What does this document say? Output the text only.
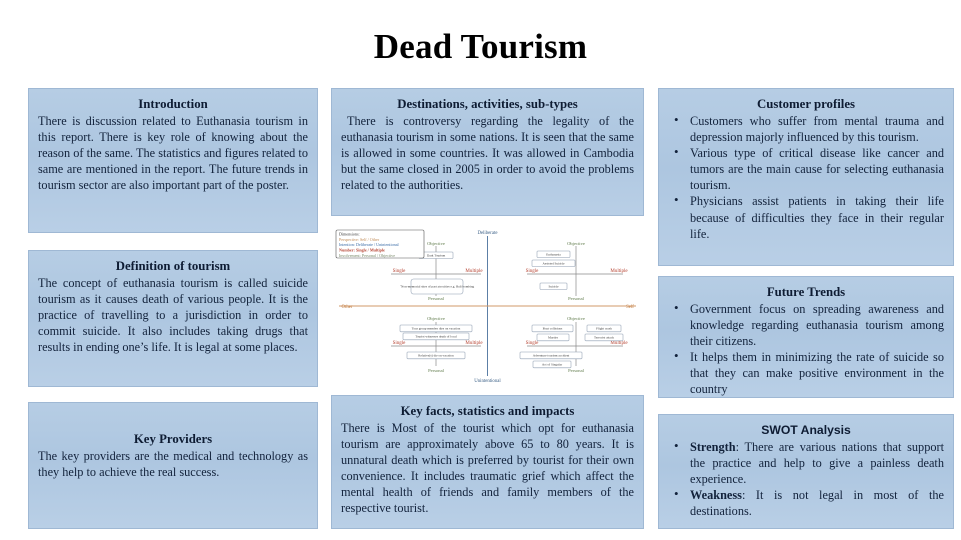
Dead Tourism
Introduction
There is discussion related to Euthanasia tourism in this report. There is key role of knowing about the reason of the same. The statistics and figures related to same are mentioned in the report. The future trends in tourism sector are also important part of the poster.
Definition of tourism
The concept of euthanasia tourism is called suicide tourism as it causes death of various people. It is the practice of travelling to a jurisdiction in order to commit suicide. It also includes taking drugs that results in ending one’s life. It is legal at some places.
Key Providers
The key providers are the medical and technology as they help to achieve the real success.
Destinations, activities, sub-types
There is controversy regarding the legality of the euthanasia tourism in some nations. It is seen that the same is allowed in some countries. It was allowed in Cambodia but the same closed in 2005 in order to avoid the problems related to the authorities.
Deliberate
Unintentional
Other	Self
Objective
Personal
Single	Multiple
Dark Tourism
‘Non-memorial sites of past atrocities e.g. Bali bombing
Objective
Personal
Single	Multiple
Euthanasia
Assisted Suicide
Suicide
Objective
Personal
Single	Multiple
Tour group member dies on vacation
Tourist witnesses death of local
Relative(s) die on vacation
Objective
Personal
Single	Multiple
Boat collisions
Murder
Flight crash
Terrorist attack
Adventure tourism accident
Act of Singular
Dimensions:
Perspective: Self / Other
Intention: Deliberate / Unintentional
Number: Single / Multiple
Involvement: Personal / Objective
Key facts, statistics and impacts
There is Most of the tourist which opt for euthanasia tourism are approximately above 65 to 80 years. It is unnatural death which is preferred by tourist for their own convenience. It includes traumatic grief which affect the mental health of friends and family members of the respective tourist.
Customer profiles
• Customers who suffer from mental trauma and depression majorly influenced by this tourism.
• Various type of critical disease like cancer and tumors are the main cause for selecting euthanasia tourism.
• Physicians assist patients in taking their life because of difficulties they face in their regular life.
Future Trends
• Government focus on spreading awareness and knowledge regarding euthanasia tourism among their citizens.
• It helps them in minimizing the rate of suicide so that they can make positive environment in the country
SWOT Analysis
• Strength: There are various nations that support the practice and help to give a painless death experience.
• Weakness: It is not legal in most of the destinations.
